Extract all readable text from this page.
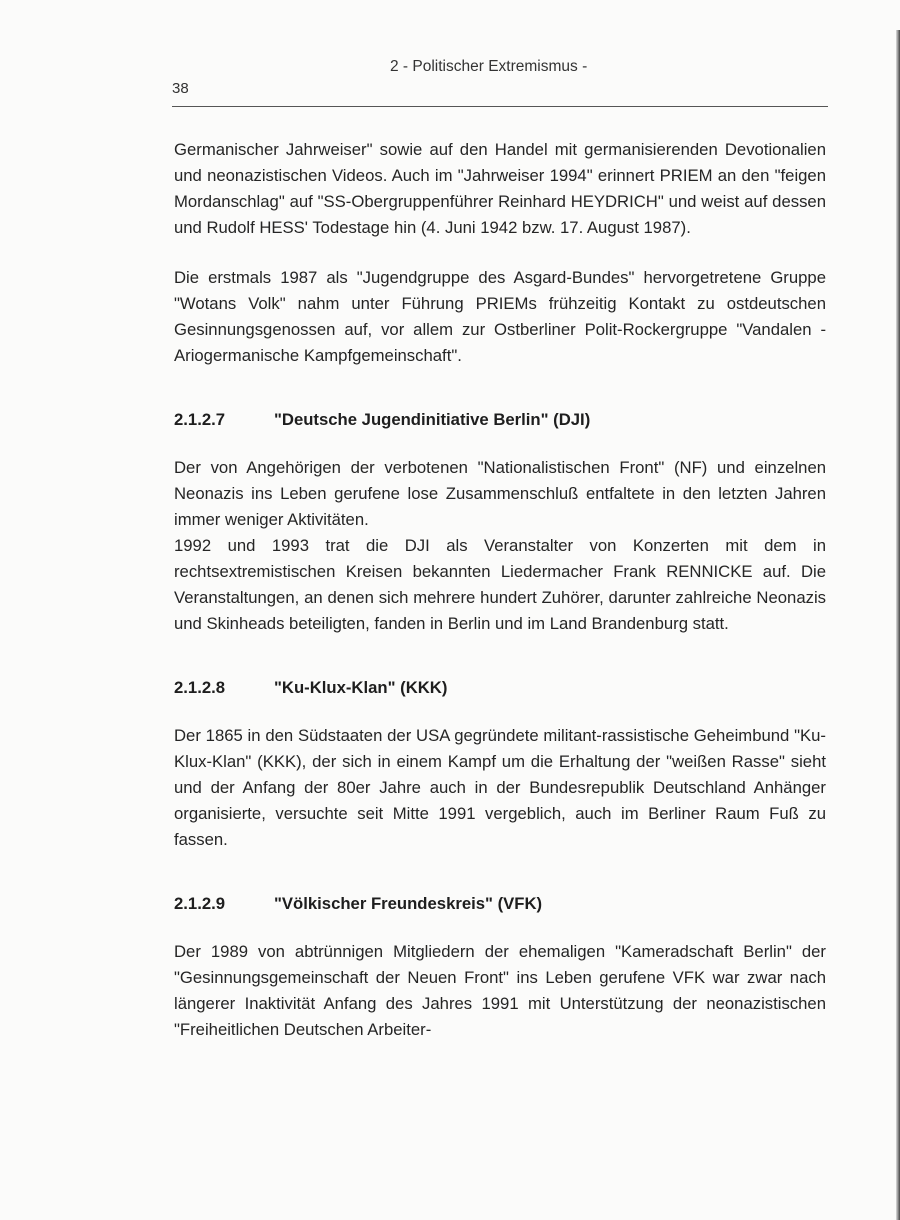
2 - Politischer Extremismus -
38

Germanischer Jahrweiser" sowie auf den Handel mit germanisierenden Devotionalien und neonazistischen Videos. Auch im "Jahrweiser 1994" erinnert PRIEM an den "feigen Mordanschlag" auf "SS-Obergruppenführer Reinhard HEYDRICH" und weist auf dessen und Rudolf HESS' Todestage hin (4. Juni 1942 bzw. 17. August 1987).

Die erstmals 1987 als "Jugendgruppe des Asgard-Bundes" hervorgetretene Gruppe "Wotans Volk" nahm unter Führung PRIEMs frühzeitig Kontakt zu ostdeutschen Gesinnungsgenossen auf, vor allem zur Ostberliner Polit-Rockergruppe "Vandalen - Ariogermanische Kampfgemeinschaft".

2.1.2.7	"Deutsche Jugendinitiative Berlin" (DJI)

Der von Angehörigen der verbotenen "Nationalistischen Front" (NF) und einzelnen Neonazis ins Leben gerufene lose Zusammenschluß entfaltete in den letzten Jahren immer weniger Aktivitäten.

1992 und 1993 trat die DJI als Veranstalter von Konzerten mit dem in rechtsextremistischen Kreisen bekannten Liedermacher Frank RENNICKE auf. Die Veranstaltungen, an denen sich mehrere hundert Zuhörer, darunter zahlreiche Neonazis und Skinheads beteiligten, fanden in Berlin und im Land Brandenburg statt.

2.1.2.8	"Ku-Klux-Klan" (KKK)

Der 1865 in den Südstaaten der USA gegründete militant-rassistische Geheimbund "Ku-Klux-Klan" (KKK), der sich in einem Kampf um die Erhaltung der "weißen Rasse" sieht und der Anfang der 80er Jahre auch in der Bundesrepublik Deutschland Anhänger organisierte, versuchte seit Mitte 1991 vergeblich, auch im Berliner Raum Fuß zu fassen.

2.1.2.9	"Völkischer Freundeskreis" (VFK)

Der 1989 von abtrünnigen Mitgliedern der ehemaligen "Kameradschaft Berlin" der "Gesinnungsgemeinschaft der Neuen Front" ins Leben gerufene VFK war zwar nach längerer Inaktivität Anfang des Jahres 1991 mit Unterstützung der neonazistischen "Freiheitlichen Deutschen Arbeiter-
